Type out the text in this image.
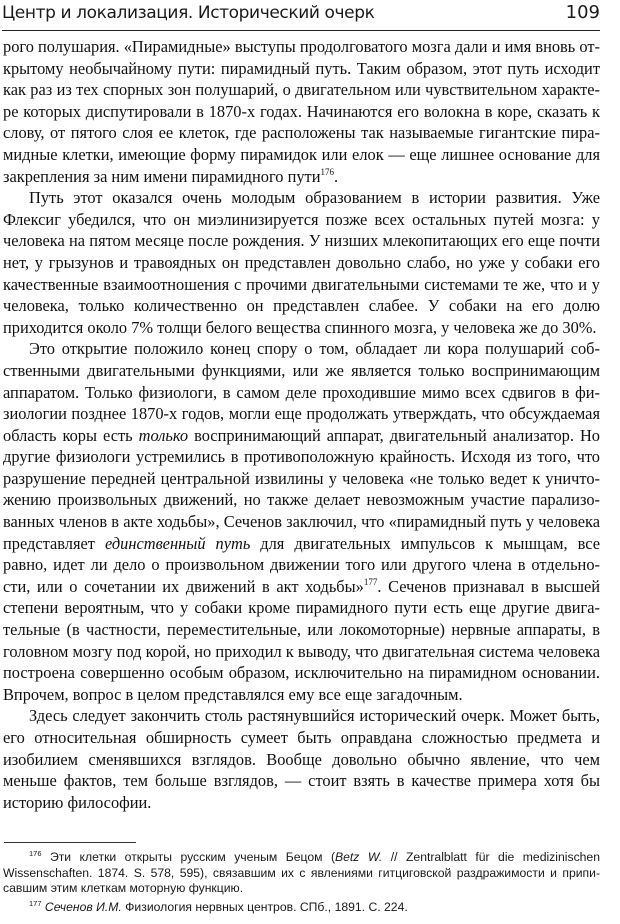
Центр и локализация. Исторический очерк	109

рого полушария. «Пирамидные» выступы продолговатого мозга дали и имя вновь открытому необычайному пути: пирамидный путь. Таким образом, этот путь исходит как раз из тех спорных зон полушарий, о двигательном или чувствительном характере которых диспутировали в 1870-х годах. Начинаются его волокна в коре, сказать к слову, от пятого слоя ее клеток, где расположены так называемые гигантские пирамидные клетки, имеющие форму пирамидок или елок — еще лишнее основание для закрепления за ним имени пирамидного пути$^{176}$.

Путь этот оказался очень молодым образованием в истории развития. Уже Флексиг убедился, что он миэлинизируется позже всех остальных путей мозга: у человека на пятом месяце после рождения. У низших млекопитающих его еще почти нет, у грызунов и травоядных он представлен довольно слабо, но уже у собаки его качественные взаимоотношения с прочими двигательными системами те же, что и у человека, только количественно он представлен слабее. У собаки на его долю приходится около 7% толщи белого вещества спинного мозга, у человека же до 30%.

Это открытие положило конец спору о том, обладает ли кора полушарий собственными двигательными функциями, или же является только воспринимающим аппаратом. Только физиологи, в самом деле проходившие мимо всех сдвигов в физиологии позднее 1870-х годов, могли еще продолжать утверждать, что обсуждаемая область коры есть только воспринимающий аппарат, двигательный анализатор. Но другие физиологи устремились в противоположную крайность. Исходя из того, что разрушение передней центральной извилины у человека «не только ведет к уничтожению произвольных движений, но также делает невозможным участие парализованных членов в акте ходьбы», Сеченов заключил, что «пирамидный путь у человека представляет единственный путь для двигательных импульсов к мышцам, все равно, идет ли дело о произвольном движении того или другого члена в отдельности, или о сочетании их движений в акт ходьбы»$^{177}$. Сеченов признавал в высшей степени вероятным, что у собаки кроме пирамидного пути есть еще другие двигательные (в частности, переместительные, или локомоторные) нервные аппараты, в головном мозгу под корой, но приходил к выводу, что двигательная система человека построена совершенно особым образом, исключительно на пирамидном основании. Впрочем, вопрос в целом представлялся ему все еще загадочным.

Здесь следует закончить столь растянувшийся исторический очерк. Может быть, его относительная обширность сумеет быть оправдана сложностью предмета и изобилием сменявшихся взглядов. Вообще довольно обычно явление, что чем меньше фактов, тем больше взглядов, — стоит взять в качестве примера хотя бы историю философии.

$^{176}$ Эти клетки открыты русским ученым Бецом (Betz W. // Zentralblatt für die medizinischen Wissenschaften. 1874. S. 578, 595), связавшим их с явлениями гитциговской раздражимости и приписавшим этим клеткам моторную функцию.

$^{177}$ Сеченов И.М. Физиология нервных центров. СПб., 1891. С. 224.
